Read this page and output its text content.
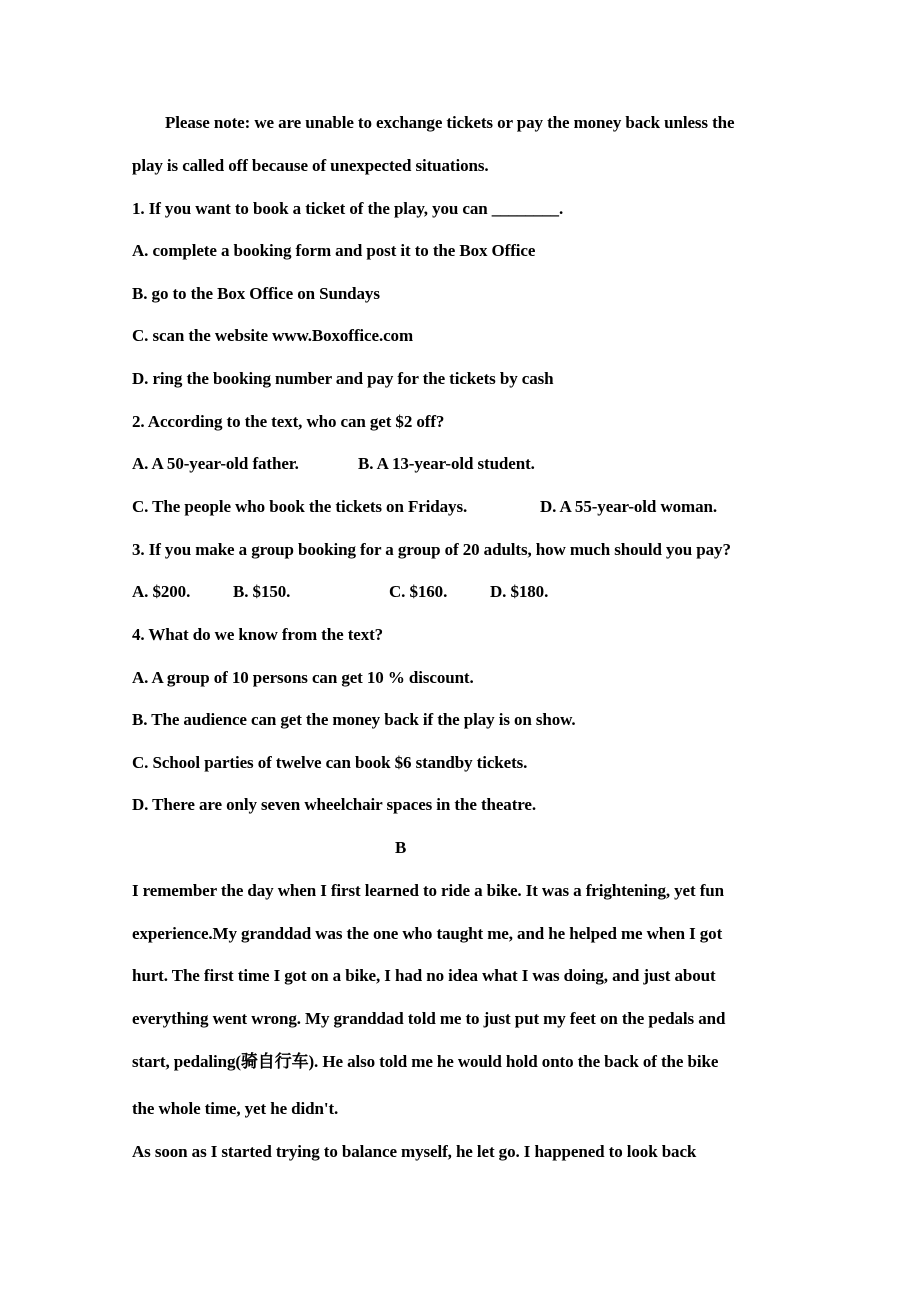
Please note: we are unable to exchange tickets or pay the money back unless the
play is called off because of unexpected situations.
1. If you want to book a ticket of the play, you can ________.
A. complete a booking form and post it to the Box Office
B. go to the Box Office on Sundays
C. scan the website www.Boxoffice.com
D. ring the booking number and pay for the tickets by cash
2. According to the text, who can get $2 off?

A. A 50-year-old father.

	B. A 13-year-old student.

C. The people who book the tickets on Fridays.

	D. A 55-year-old woman.

3. If you make a group booking for a group of 20 adults, how much should you pay?

A. $200.

	B. $150.

	C. $160.

	D. $180.

4. What do we know from the text?
A. A group of 10 persons can get 10 % discount.
B. The audience can get the money back if the play is on show.
C. School parties of twelve can book $6 standby tickets.
D. There are only seven wheelchair spaces in the theatre.
B
I remember the day when I first learned to ride a bike. It was a frightening, yet fun
experience.My granddad was the one who taught me, and he helped me when I got
hurt. The first time I got on a bike, I had no idea what I was doing, and just about
everything went wrong. My granddad told me to just put my feet on the pedals and
start, pedaling(骑自行车). He also told me he would hold onto the back of the bike
the whole time, yet he didn't.
As soon as I started trying to balance myself, he let go. I happened to look back
